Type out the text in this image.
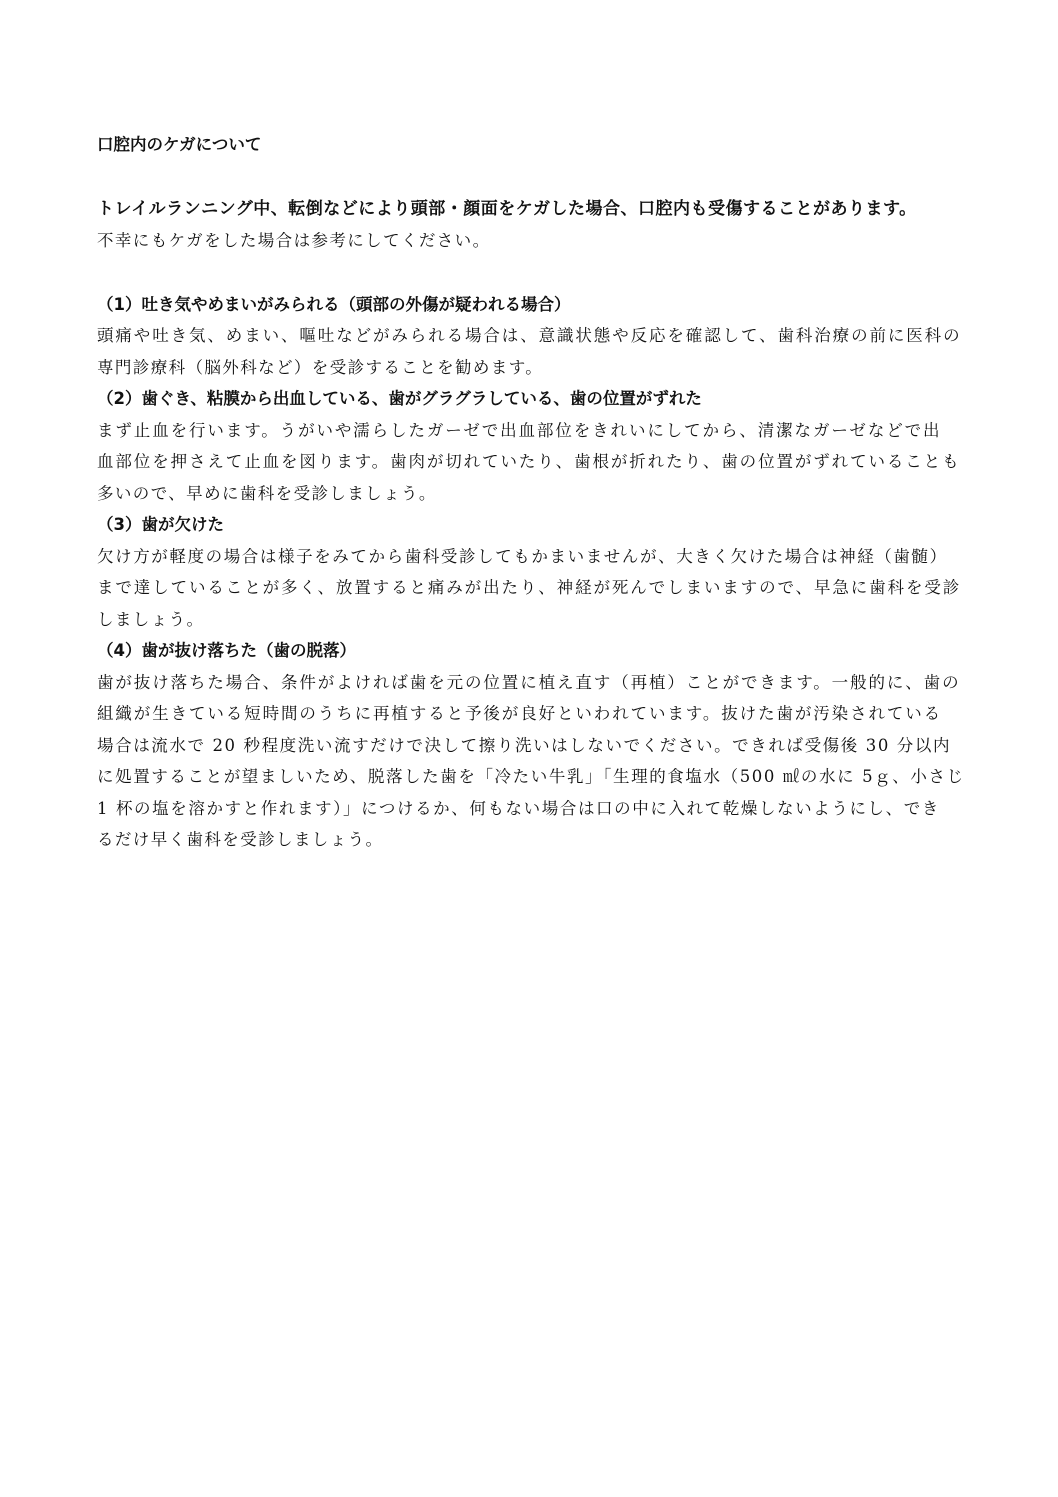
口腔内のケガについて
トレイルランニング中、転倒などにより頭部・顔面をケガした場合、口腔内も受傷することがあります。
不幸にもケガをした場合は参考にしてください。
（1）吐き気やめまいがみられる（頭部の外傷が疑われる場合）
頭痛や吐き気、めまい、嘔吐などがみられる場合は、意識状態や反応を確認して、歯科治療の前に医科の
専門診療科（脳外科など）を受診することを勧めます。
（2）歯ぐき、粘膜から出血している、歯がグラグラしている、歯の位置がずれた
まず止血を行います。うがいや濡らしたガーゼで出血部位をきれいにしてから、清潔なガーゼなどで出
血部位を押さえて止血を図ります。歯肉が切れていたり、歯根が折れたり、歯の位置がずれていることも
多いので、早めに歯科を受診しましょう。
（3）歯が欠けた
欠け方が軽度の場合は様子をみてから歯科受診してもかまいませんが、大きく欠けた場合は神経（歯髄）
まで達していることが多く、放置すると痛みが出たり、神経が死んでしまいますので、早急に歯科を受診
しましょう。
（4）歯が抜け落ちた（歯の脱落）
歯が抜け落ちた場合、条件がよければ歯を元の位置に植え直す（再植）ことができます。一般的に、歯の
組織が生きている短時間のうちに再植すると予後が良好といわれています。抜けた歯が汚染されている
場合は流水で 20 秒程度洗い流すだけで決して擦り洗いはしないでください。できれば受傷後 30 分以内
に処置することが望ましいため、脱落した歯を「冷たい牛乳」「生理的食塩水（500 ㎖の水に 5ｇ、小さじ
1 杯の塩を溶かすと作れます）」につけるか、何もない場合は口の中に入れて乾燥しないようにし、でき
るだけ早く歯科を受診しましょう。
